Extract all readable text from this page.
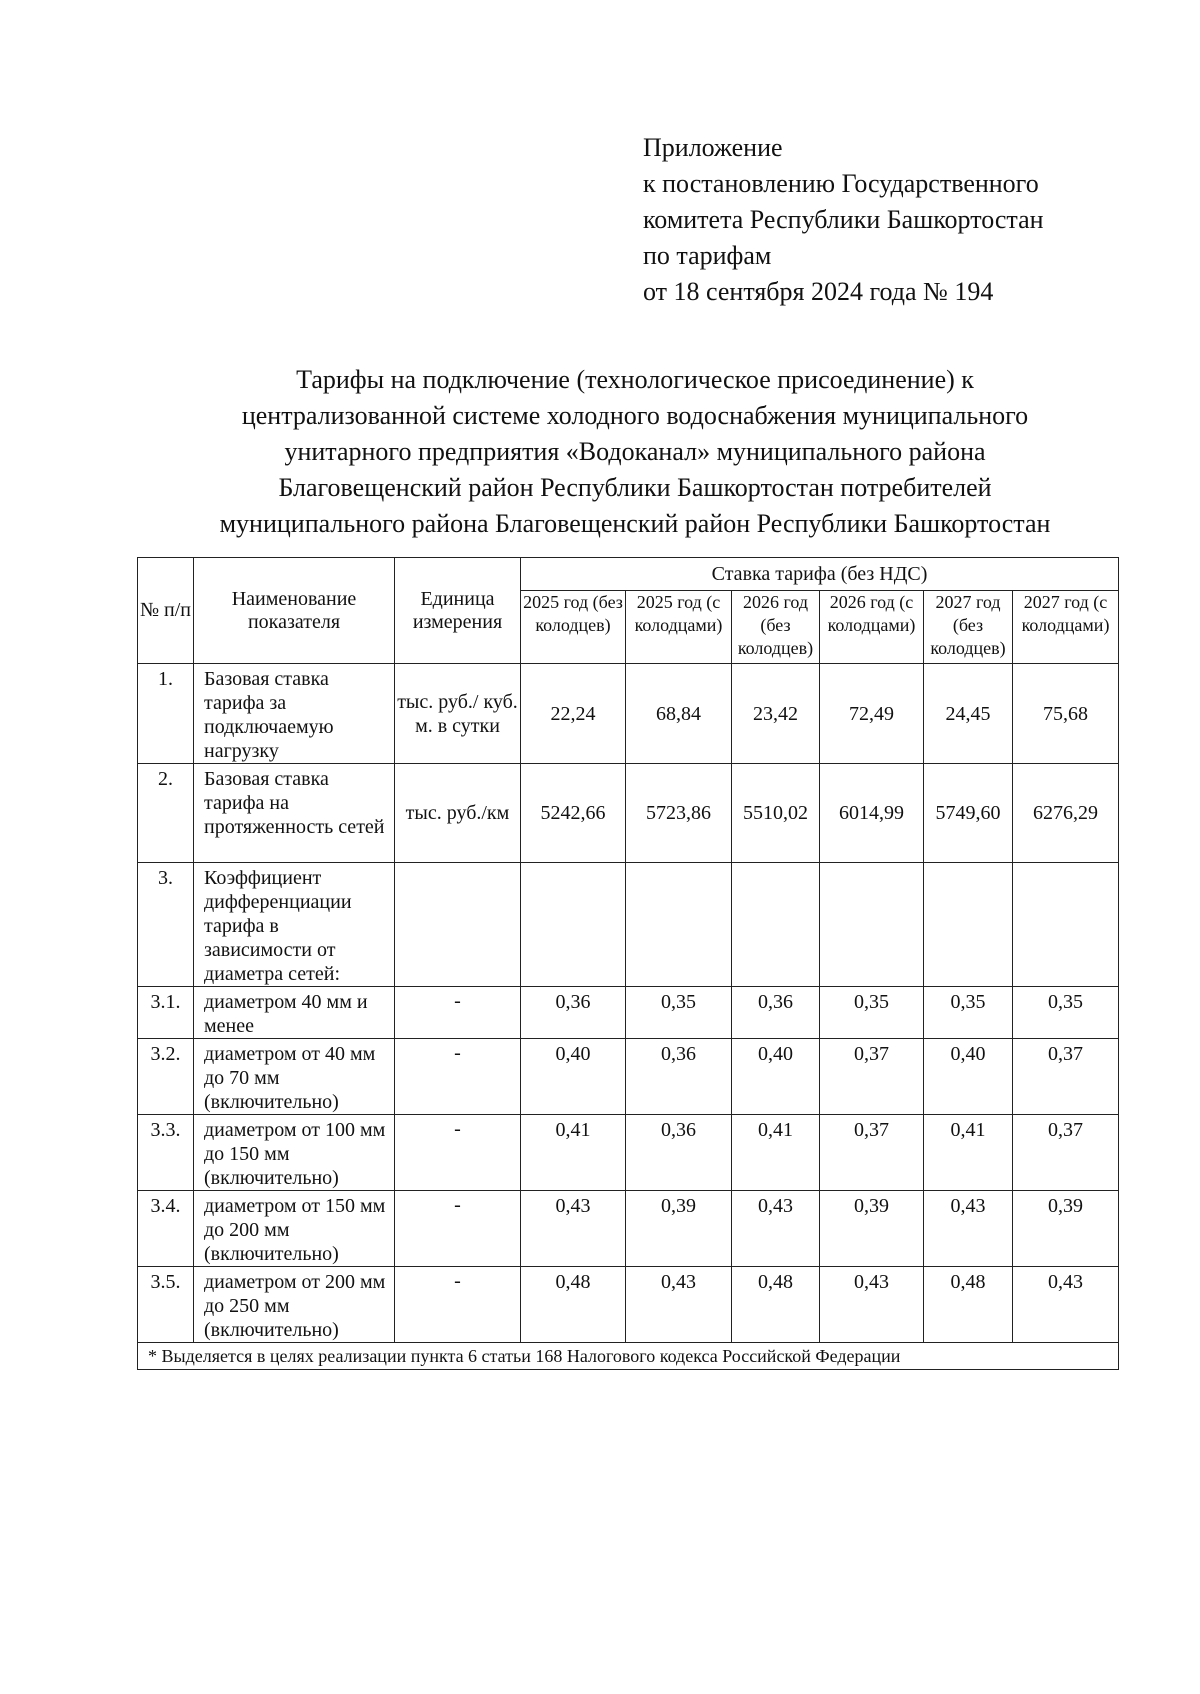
Приложение
к постановлению Государственного
комитета Республики Башкортостан
по тарифам
от 18 сентября 2024 года № 194
Тарифы на подключение (технологическое присоединение) к
централизованной системе холодного водоснабжения муниципального
унитарного предприятия «Водоканал» муниципального района
Благовещенский район Республики Башкортостан потребителей
муниципального района Благовещенский район Республики Башкортостан
№ п/п	Наименование показателя	Единица измерения	Ставка тарифа (без НДС)					
			2025 год (без колодцев)	2025 год (с колодцами)	2026 год (без колодцев)	2026 год (с колодцами)	2027 год (без колодцев)	2027 год (с колодцами)
1.	Базовая ставка тарифа за подключаемую нагрузку	тыс. руб./ куб. м. в сутки	22,24	68,84	23,42	72,49	24,45	75,68
2.	Базовая ставка тарифа на протяженность сетей	тыс. руб./км	5242,66	5723,86	5510,02	6014,99	5749,60	6276,29
3.	Коэффициент дифференциации тарифа в зависимости от диаметра сетей:							
3.1.	диаметром 40 мм и менее	-	0,36	0,35	0,36	0,35	0,35	0,35
3.2.	диаметром от 40 мм до 70 мм (включительно)	-	0,40	0,36	0,40	0,37	0,40	0,37
3.3.	диаметром от 100 мм до 150 мм (включительно)	-	0,41	0,36	0,41	0,37	0,41	0,37
3.4.	диаметром от 150 мм до 200 мм (включительно)	-	0,43	0,39	0,43	0,39	0,43	0,39
3.5.	диаметром от 200 мм до 250 мм (включительно)	-	0,48	0,43	0,48	0,43	0,48	0,43
* Выделяется в целях реализации пункта 6 статьи 168 Налогового кодекса Российской Федерации								
